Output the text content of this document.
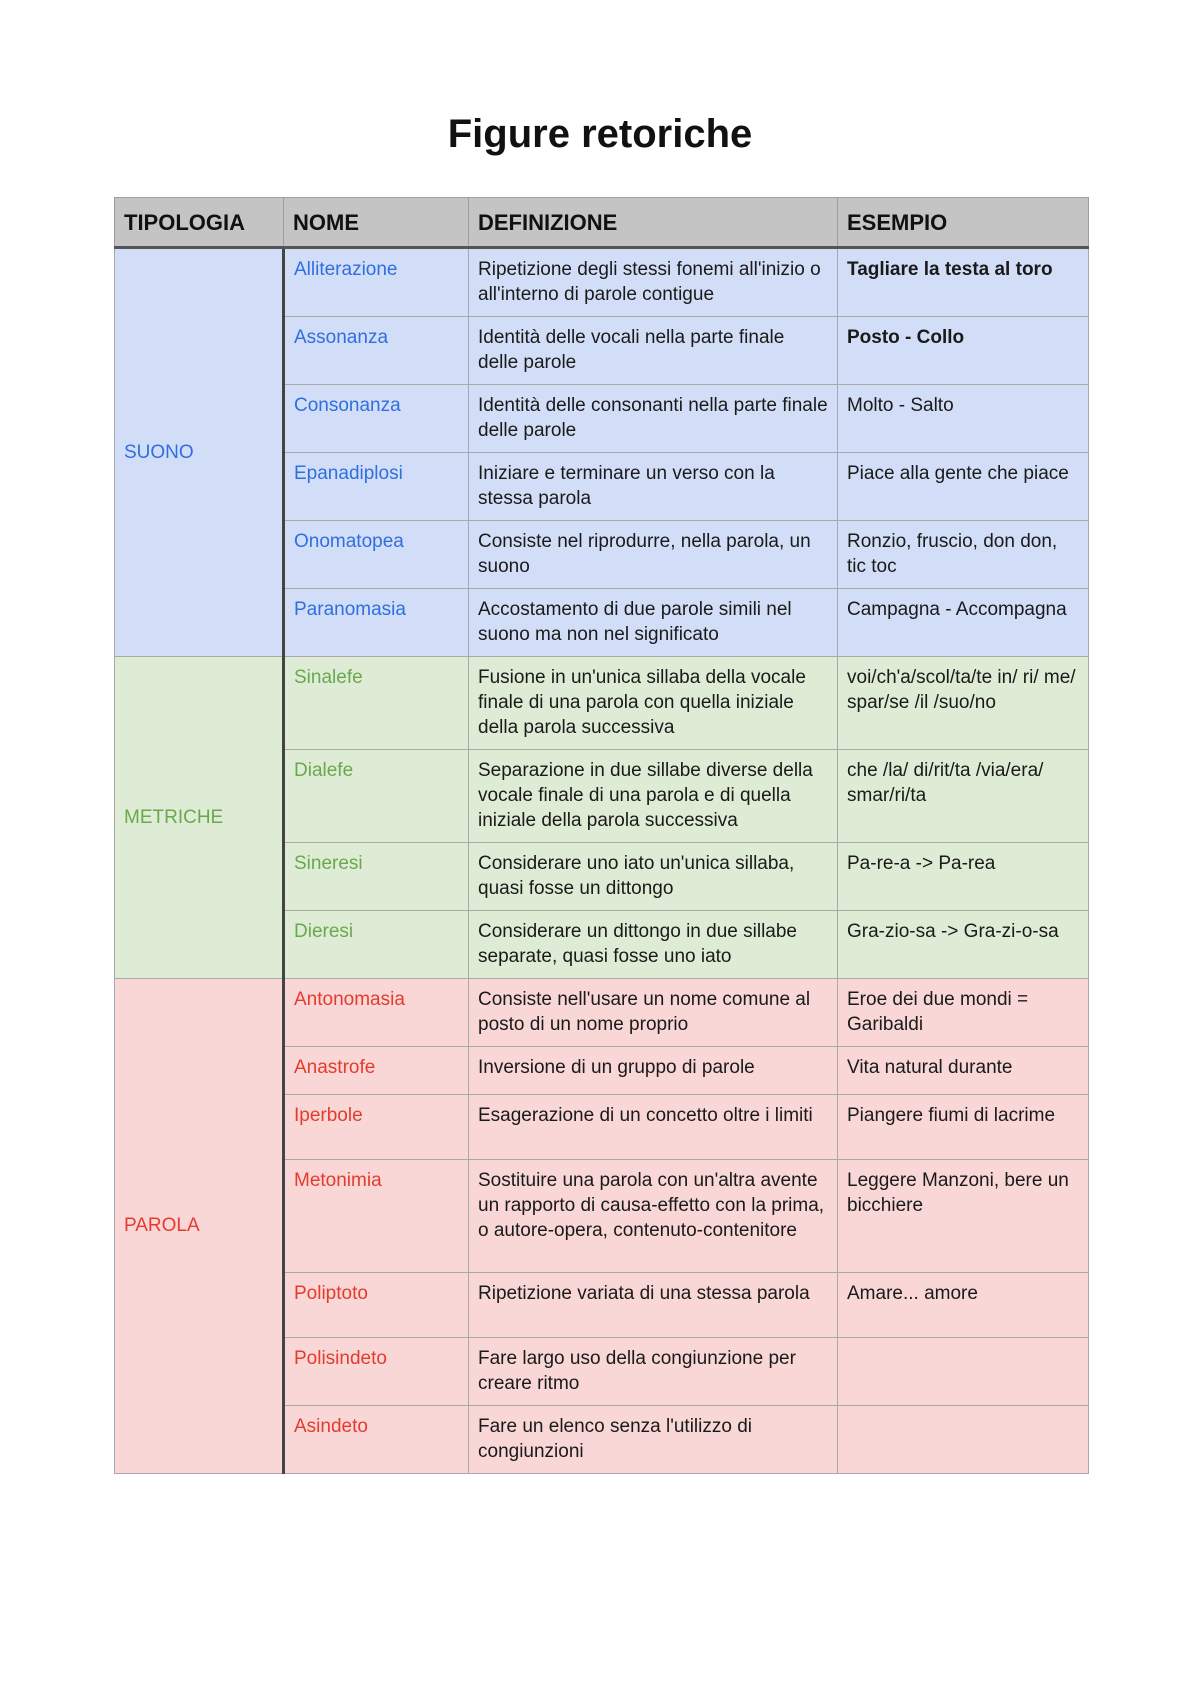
Figure retoriche
TIPOLOGIA	NOME	DEFINIZIONE	ESEMPIO
SUONO	Alliterazione	Ripetizione degli stessi fonemi all'inizio o all'interno di parole contigue	Tagliare la testa al toro
	Assonanza	Identità delle vocali nella parte finale delle parole	Posto - Collo
	Consonanza	Identità delle consonanti nella parte finale delle parole	Molto - Salto
	Epanadiplosi	Iniziare e terminare un verso con la stessa parola	Piace alla gente che piace
	Onomatopea	Consiste nel riprodurre, nella parola, un suono	Ronzio, fruscio, don don, tic toc
	Paranomasia	Accostamento di due parole simili nel suono ma non nel significato	Campagna - Accompagna
METRICHE	Sinalefe	Fusione in un'unica sillaba della vocale finale di una parola con quella iniziale della parola successiva	voi/ch'a/scol/ta/te in/ ri/ me/ spar/se /il /suo/no
	Dialefe	Separazione in due sillabe diverse della vocale finale di una parola e di quella iniziale della parola successiva	che /la/ di/rit/ta /via/era/ smar/ri/ta
	Sineresi	Considerare uno iato un'unica sillaba, quasi fosse un dittongo	Pa-re-a -> Pa-rea
	Dieresi	Considerare un dittongo in due sillabe separate, quasi fosse uno iato	Gra-zio-sa -> Gra-zi-o-sa
PAROLA	Antonomasia	Consiste nell'usare un nome comune al posto di un nome proprio	Eroe dei due mondi = Garibaldi
	Anastrofe	Inversione di un gruppo di parole	Vita natural durante
	Iperbole	Esagerazione di un concetto oltre i limiti	Piangere fiumi di lacrime
	Metonimia	Sostituire una parola con un'altra avente un rapporto di causa-effetto con la prima, o autore-opera, contenuto-contenitore	Leggere Manzoni, bere un bicchiere
	Poliptoto	Ripetizione variata di una stessa parola	Amare... amore
	Polisindeto	Fare largo uso della congiunzione per creare ritmo	
	Asindeto	Fare un elenco senza l'utilizzo di congiunzioni	
